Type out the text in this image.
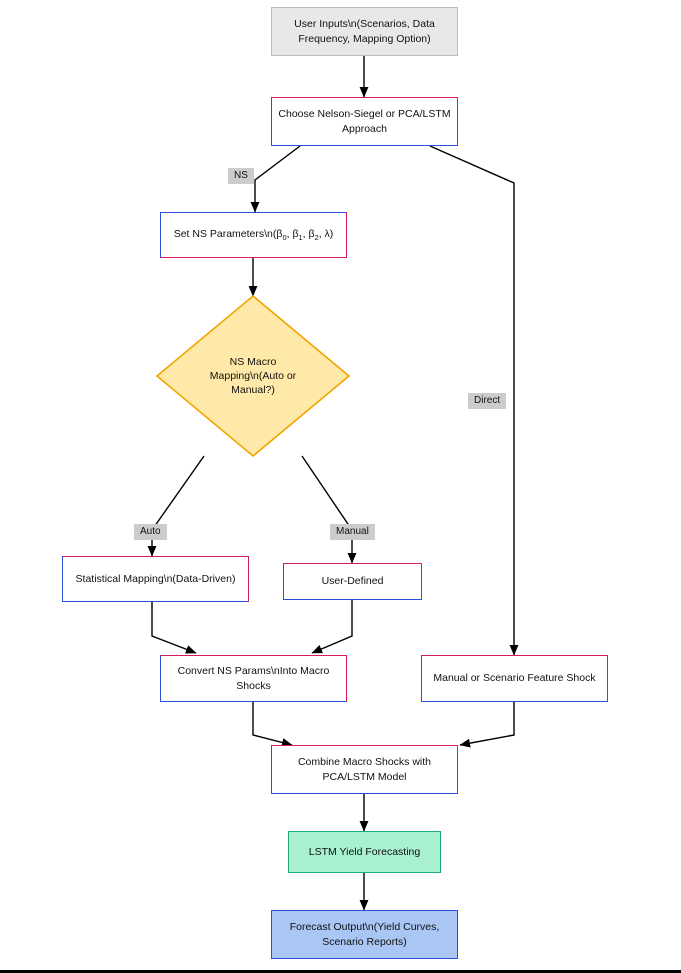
User Inputs\n(Scenarios, Data Frequency, Mapping Option)
Choose Nelson-Siegel or PCA/LSTM Approach
NS
Direct
Set NS $Parameters\backslash n(\beta_0$, $\beta_1$, $\beta_2$, λ)
NS Macro Mapping\n(Auto or Manual?)
Auto	Manual
Statistical Mapping\n(Data-Driven)	User-Defined
Convert NS Params\nInto Macro Shocks
Manual or Scenario Feature Shock
Combine Macro Shocks with PCA/LSTM Model
LSTM Yield Forecasting
Forecast Output\n(Yield Curves, Scenario Reports)
